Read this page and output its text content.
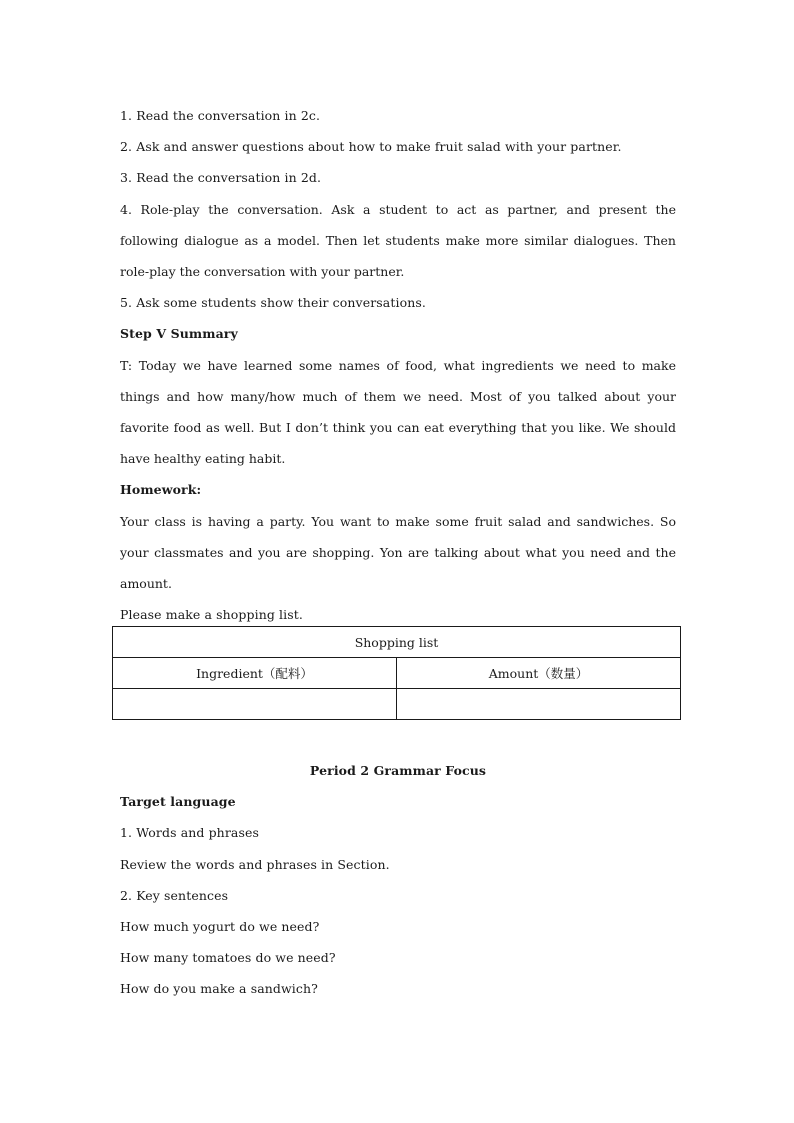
1. Read the conversation in 2c.
2. Ask and answer questions about how to make fruit salad with your partner.
3. Read the conversation in 2d.
4. Role-play the conversation. Ask a student to act as partner, and present the following dialogue as a model. Then let students make more similar dialogues. Then role-play the conversation with your partner.
5. Ask some students show their conversations.
Step V Summary
T: Today we have learned some names of food, what ingredients we need to make things and how many/how much of them we need. Most of you talked about your favorite food as well. But I don’t think you can eat everything that you like. We should have healthy eating habit.
Homework:
Your class is having a party. You want to make some fruit salad and sandwiches. So your classmates and you are shopping. Yon are talking about what you need and the amount.
Please make a shopping list.
Shopping list	
Ingredient（配料）	Amount（数量）

Period 2 Grammar Focus
Target language
1. Words and phrases
Review the words and phrases in Section.
2. Key sentences
How much yogurt do we need?
How many tomatoes do we need?
How do you make a sandwich?
